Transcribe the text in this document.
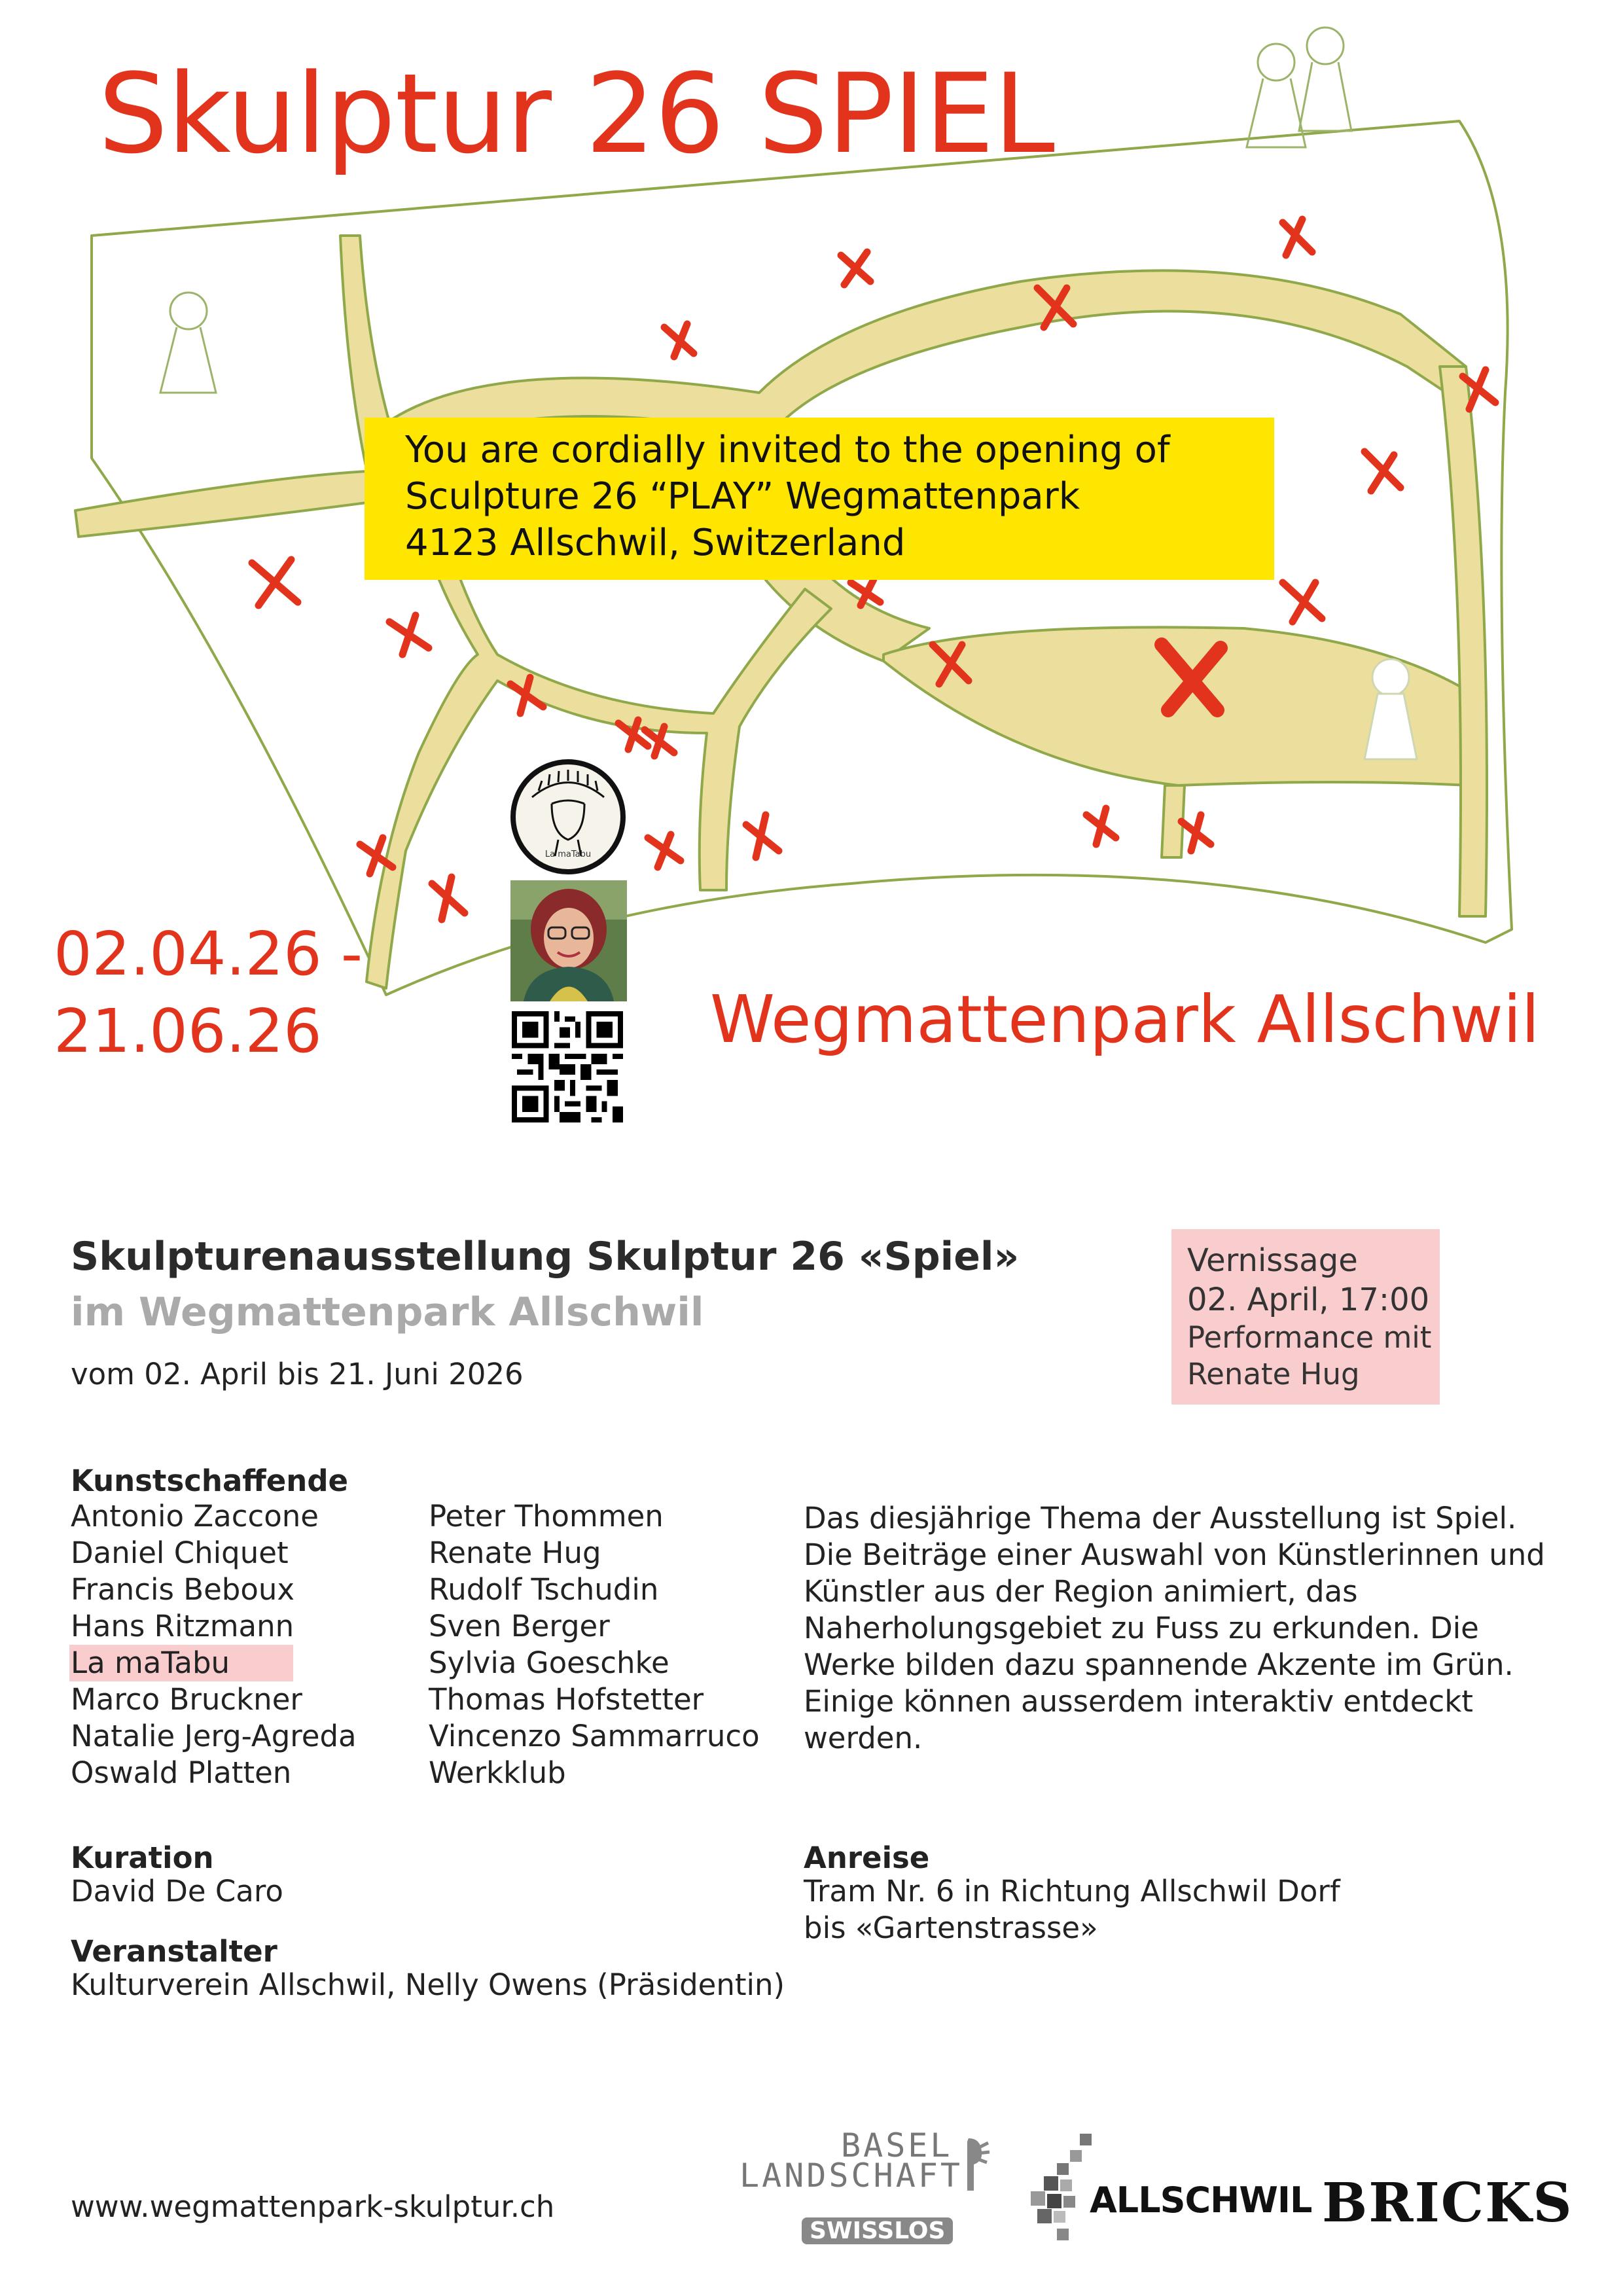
Skulptur 26 SPIEL
You are cordially invited to the opening of
Sculpture 26 “PLAY” Wegmattenpark
4123 Allschwil, Switzerland
02.04.26 -
21.06.26	Wegmattenpark Allschwil
La maTabu
Skulpturenausstellung Skulptur 26 «Spiel»
im Wegmattenpark Allschwil
vom 02. April bis 21. Juni 2026
Vernissage
02. April, 17:00
Performance mit
Renate Hug
Kunstschaffende
Antonio Zaccone
Daniel Chiquet
Francis Beboux
Hans Ritzmann
La maTabu
Marco Bruckner
Natalie Jerg-Agreda
Oswald Platten
Peter Thommen
Renate Hug
Rudolf Tschudin
Sven Berger
Sylvia Goeschke
Thomas Hofstetter
Vincenzo Sammarruco
Werkklub
Das diesjährige Thema der Ausstellung ist Spiel.
Die Beiträge einer Auswahl von Künstlerinnen und
Künstler aus der Region animiert, das
Naherholungsgebiet zu Fuss zu erkunden. Die
Werke bilden dazu spannende Akzente im Grün.
Einige können ausserdem interaktiv entdeckt
werden.
Kuration
David De Caro
Veranstalter
Kulturverein Allschwil, Nelly Owens (Präsidentin)
Anreise
Tram Nr. 6 in Richtung Allschwil Dorf
bis «Gartenstrasse»
www.wegmattenpark-skulptur.ch
BASEL
LANDSCHAFT
SWISSLOS
ALLSCHWIL BRICKS
